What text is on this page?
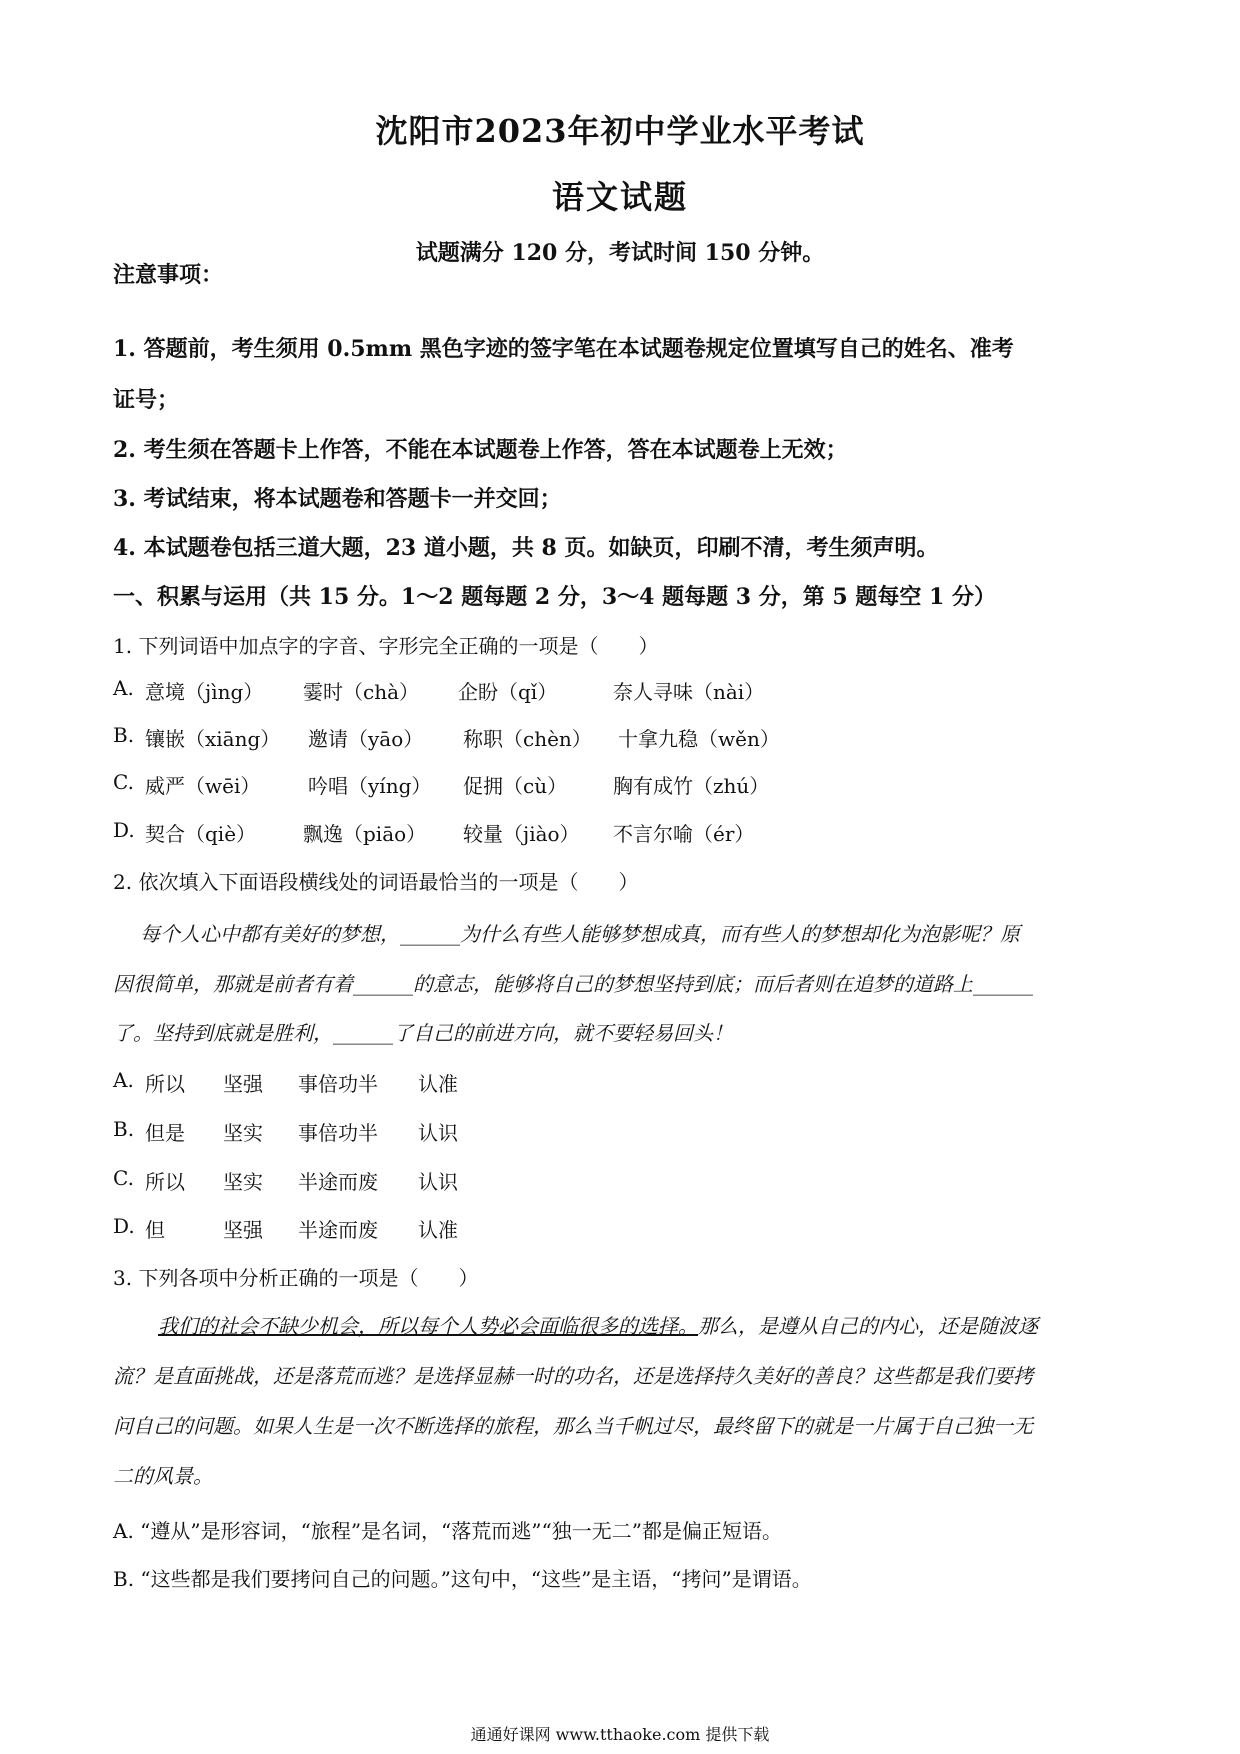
沈阳市2023年初中学业水平考试
语文试题
试题满分 120 分，考试时间 150 分钟。
注意事项：
1. 答题前，考生须用 0.5mm 黑色字迹的签字笔在本试题卷规定位置填写自己的姓名、准考
证号；
2. 考生须在答题卡上作答，不能在本试题卷上作答，答在本试题卷上无效；
3. 考试结束，将本试题卷和答题卡一并交回；
4. 本试题卷包括三道大题，23 道小题，共 8 页。如缺页，印刷不清，考生须声明。
一、积累与运用（共 15 分。1～2 题每题 2 分，3～4 题每题 3 分，第 5 题每空 1 分）
1. 下列词语中加点字的字音、字形完全正确的一项是（　　）
A. 意境（jìng） 霎时（chà） 企盼（qǐ）	奈人寻味（nài）
B. 镶嵌（xiāng） 邀请（yāo） 称职（chèn） 十拿九稳（wěn）
C. 威严（wēi） 吟唱（yíng） 促拥（cù） 胸有成竹（zhú）
D. 契合（qiè） 飘逸（piāo） 较量（jiào） 不言尔喻（ér）
2. 依次填入下面语段横线处的词语最恰当的一项是（　　）
每个人心中都有美好的梦想，______为什么有些人能够梦想成真，而有些人的梦想却化为泡影呢？原
因很简单，那就是前者有着______的意志，能够将自己的梦想坚持到底；而后者则在追梦的道路上______
了。坚持到底就是胜利，______了自己的前进方向，就不要轻易回头！
A. 所以 坚强 事倍功半 认准
B. 但是 坚实 事倍功半 认识
C. 所以 坚实 半途而废 认识
D. 但	坚强 半途而废 认准
3. 下列各项中分析正确的一项是（　　）
我们的社会不缺少机会，所以每个人势必会面临很多的选择。那么，是遵从自己的内心，还是随波逐
流？是直面挑战，还是落荒而逃？是选择显赫一时的功名，还是选择持久美好的善良？这些都是我们要拷
问自己的问题。如果人生是一次不断选择的旅程，那么当千帆过尽，最终留下的就是一片属于自己独一无
二的风景。
A. “遵从”是形容词，“旅程”是名词，“落荒而逃”“独一无二”都是偏正短语。
B. “这些都是我们要拷问自己的问题。”这句中，“这些”是主语，“拷问”是谓语。
通通好课网 www.tthaoke.com 提供下载
